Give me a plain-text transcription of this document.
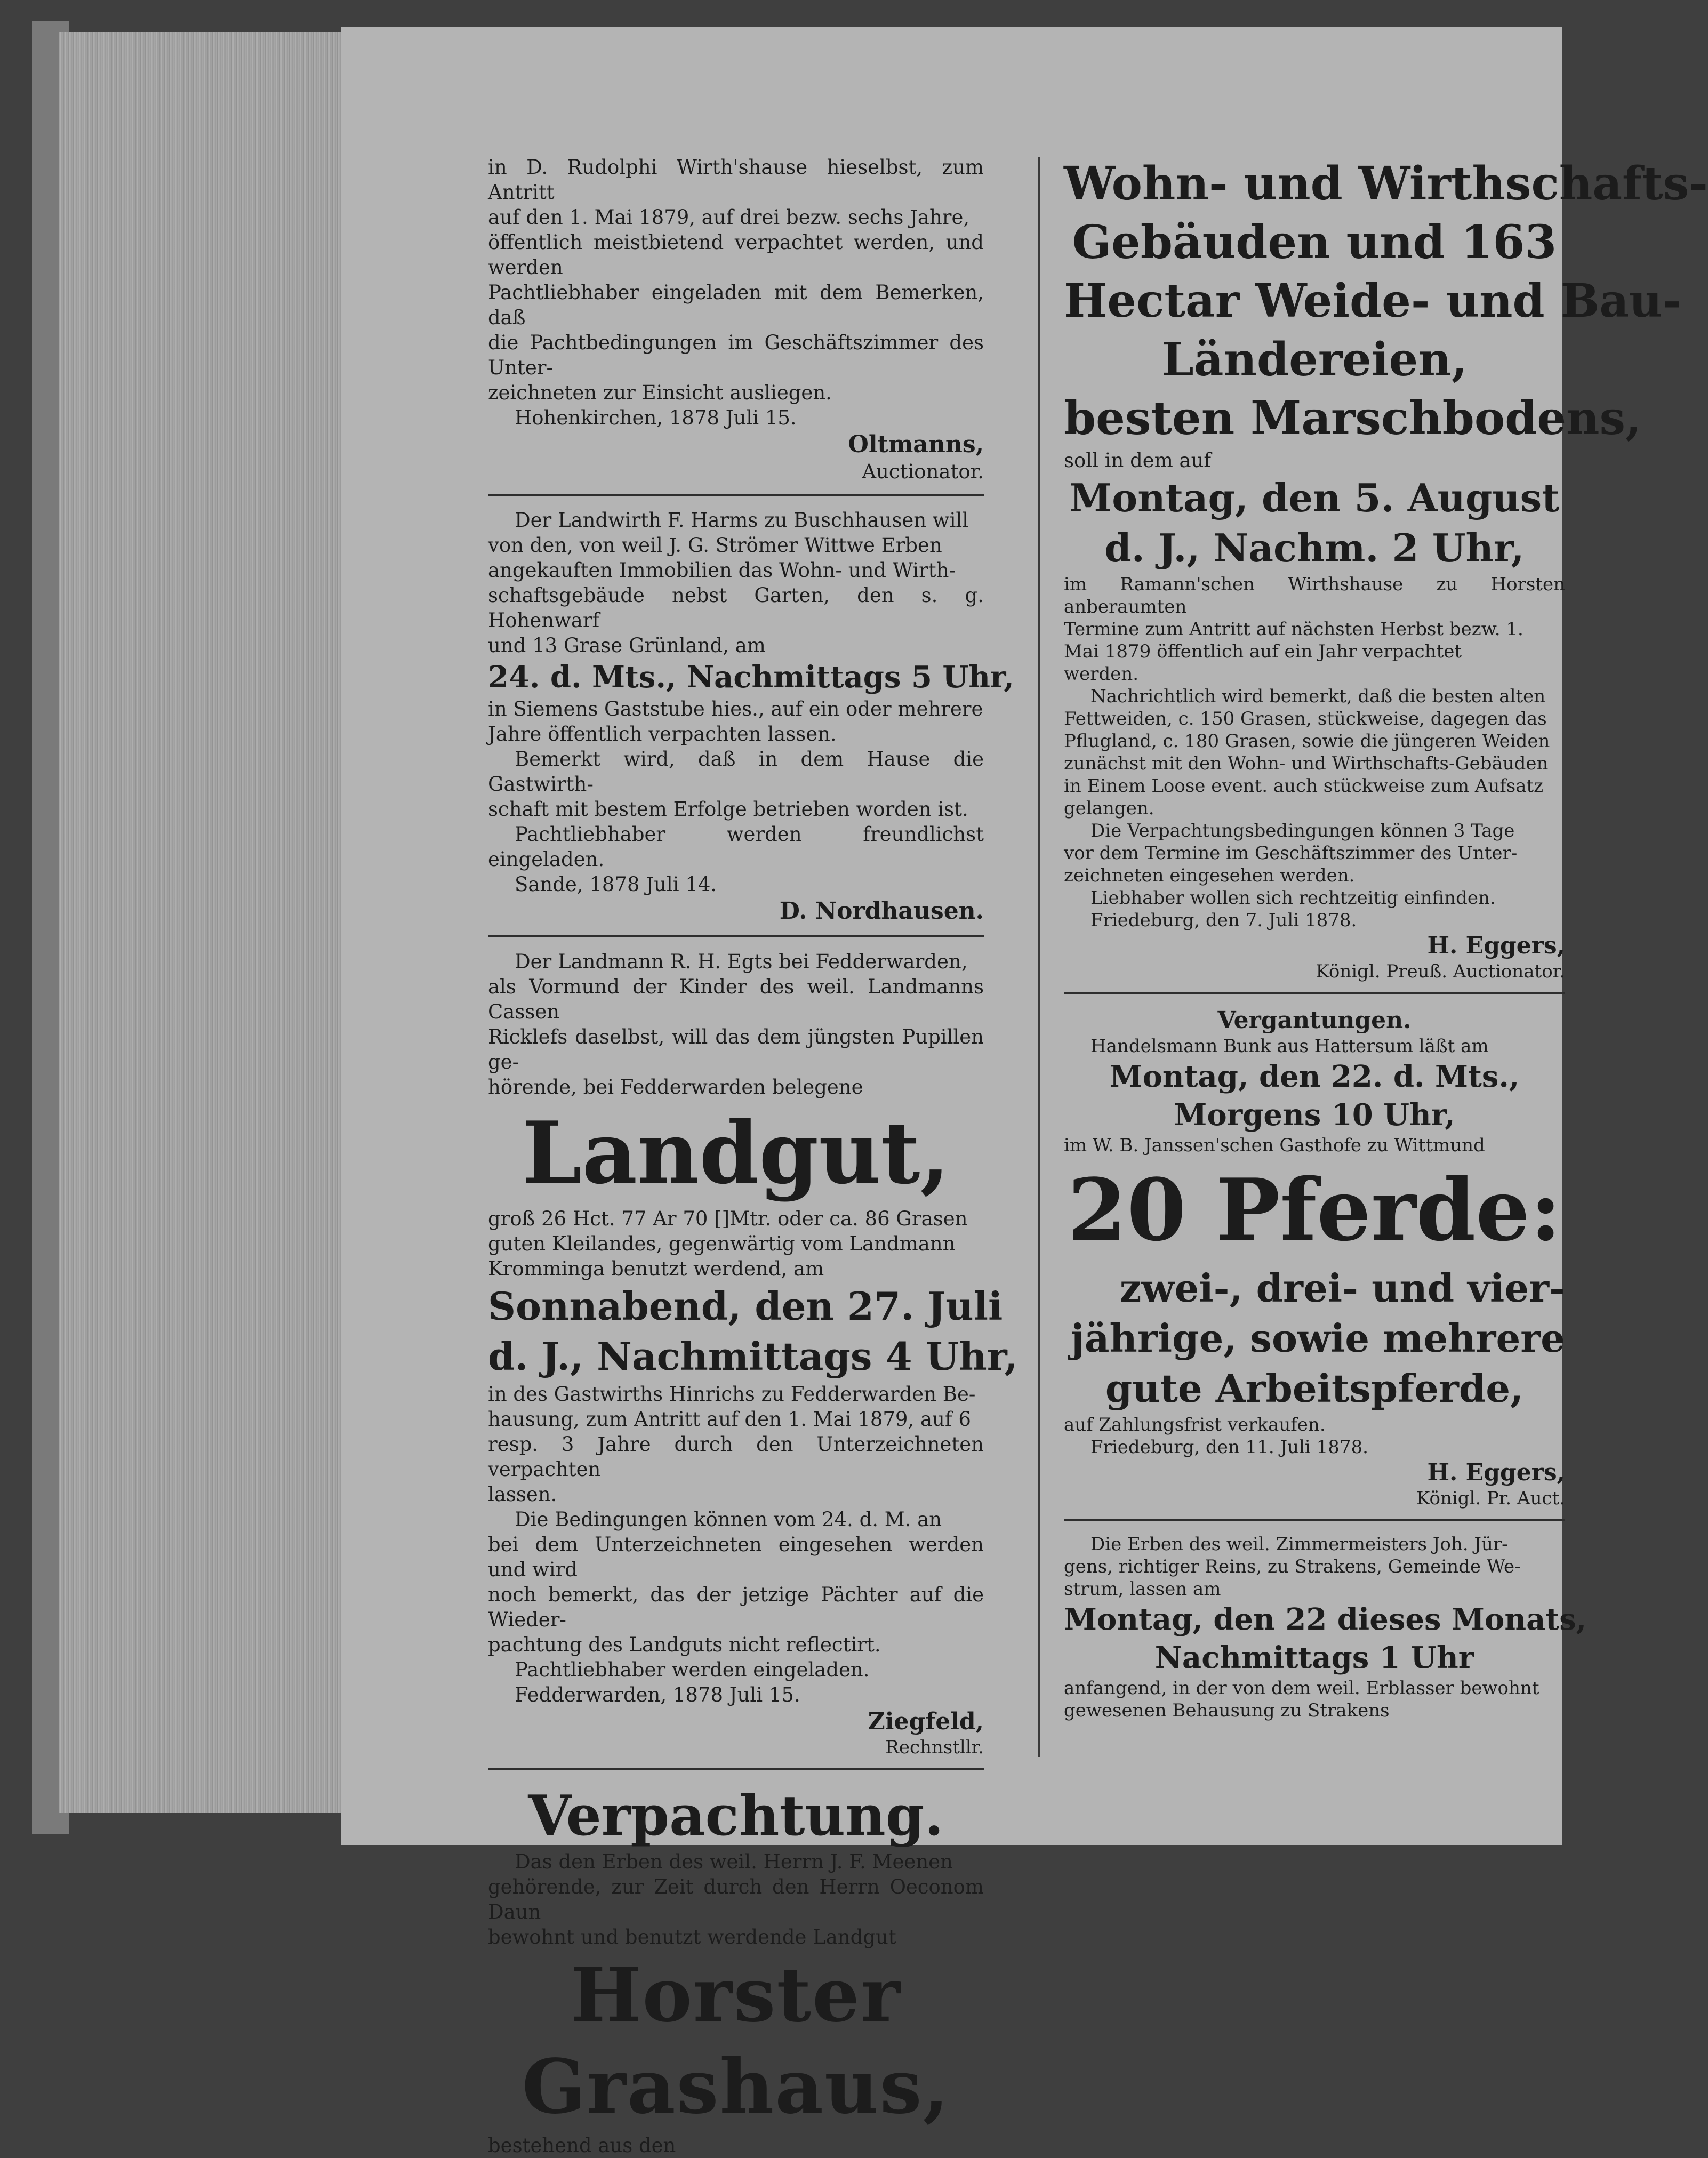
in D. Rudolphi Wirth'shause hieselbst, zum Antritt

auf den 1. Mai 1879, auf drei bezw. sechs Jahre,

öffentlich meistbietend verpachtet werden, und werden

Pachtliebhaber eingeladen mit dem Bemerken, daß

die Pachtbedingungen im Geschäftszimmer des Unter-

zeichneten zur Einsicht ausliegen.

Hohenkirchen, 1878 Juli 15.

Oltmanns,

Auctionator.

Der Landwirth F. Harms zu Buschhausen will

von den, von weil J. G. Strömer Wittwe Erben

angekauften Immobilien das Wohn- und Wirth-

schaftsgebäude nebst Garten, den s. g. Hohenwarf

und 13 Grase Grünland, am

24. d. Mts., Nachmittags 5 Uhr,

in Siemens Gaststube hies., auf ein oder mehrere

Jahre öffentlich verpachten lassen.

Bemerkt wird, daß in dem Hause die Gastwirth-

schaft mit bestem Erfolge betrieben worden ist.

Pachtliebhaber werden freundlichst eingeladen.

Sande, 1878 Juli 14.

D. Nordhausen.

Der Landmann R. H. Egts bei Fedderwarden,

als Vormund der Kinder des weil. Landmanns Cassen

Ricklefs daselbst, will das dem jüngsten Pupillen ge-

hörende, bei Fedderwarden belegene

Landgut,

groß 26 Hct. 77 Ar 70 []Mtr. oder ca. 86 Grasen

guten Kleilandes, gegenwärtig vom Landmann

Kromminga benutzt werdend, am

Sonnabend, den 27. Juli

d. J., Nachmittags 4 Uhr,

in des Gastwirths Hinrichs zu Fedderwarden Be-

hausung, zum Antritt auf den 1. Mai 1879, auf 6

resp. 3 Jahre durch den Unterzeichneten verpachten

lassen.

Die Bedingungen können vom 24. d. M. an

bei dem Unterzeichneten eingesehen werden und wird

noch bemerkt, das der jetzige Pächter auf die Wieder-

pachtung des Landguts nicht reflectirt.

Pachtliebhaber werden eingeladen.

Fedderwarden, 1878 Juli 15.

Ziegfeld,

Rechnstllr.

Verpachtung.

Das den Erben des weil. Herrn J. F. Meenen

gehörende, zur Zeit durch den Herrn Oeconom Daun

bewohnt und benutzt werdende Landgut

Horster

Grashaus,

bestehend aus den

Wohn- und Wirthschafts-

Gebäuden und 163

Hectar Weide- und Bau-

Ländereien,

besten Marschbodens,

soll in dem auf

Montag, den 5. August

d. J., Nachm. 2 Uhr,

im Ramann'schen Wirthshause zu Horsten anberaumten

Termine zum Antritt auf nächsten Herbst bezw. 1.

Mai 1879 öffentlich auf ein Jahr verpachtet

werden.

Nachrichtlich wird bemerkt, daß die besten alten

Fettweiden, c. 150 Grasen, stückweise, dagegen das

Pflugland, c. 180 Grasen, sowie die jüngeren Weiden

zunächst mit den Wohn- und Wirthschafts-Gebäuden

in Einem Loose event. auch stückweise zum Aufsatz

gelangen.

Die Verpachtungsbedingungen können 3 Tage

vor dem Termine im Geschäftszimmer des Unter-

zeichneten eingesehen werden.

Liebhaber wollen sich rechtzeitig einfinden.

Friedeburg, den 7. Juli 1878.

H. Eggers,

Königl. Preuß. Auctionator.

Vergantungen.

Handelsmann Bunk aus Hattersum läßt am

Montag, den 22. d. Mts.,

Morgens 10 Uhr,

im W. B. Janssen'schen Gasthofe zu Wittmund

20 Pferde:

zwei-, drei- und vier-

jährige, sowie mehrere

gute Arbeitspferde,

auf Zahlungsfrist verkaufen.

Friedeburg, den 11. Juli 1878.

H. Eggers,

Königl. Pr. Auct.

Die Erben des weil. Zimmermeisters Joh. Jür-

gens, richtiger Reins, zu Strakens, Gemeinde We-

strum, lassen am

Montag, den 22 dieses Monats,

Nachmittags 1 Uhr

anfangend, in der von dem weil. Erblasser bewohnt

gewesenen Behausung zu Strakens
